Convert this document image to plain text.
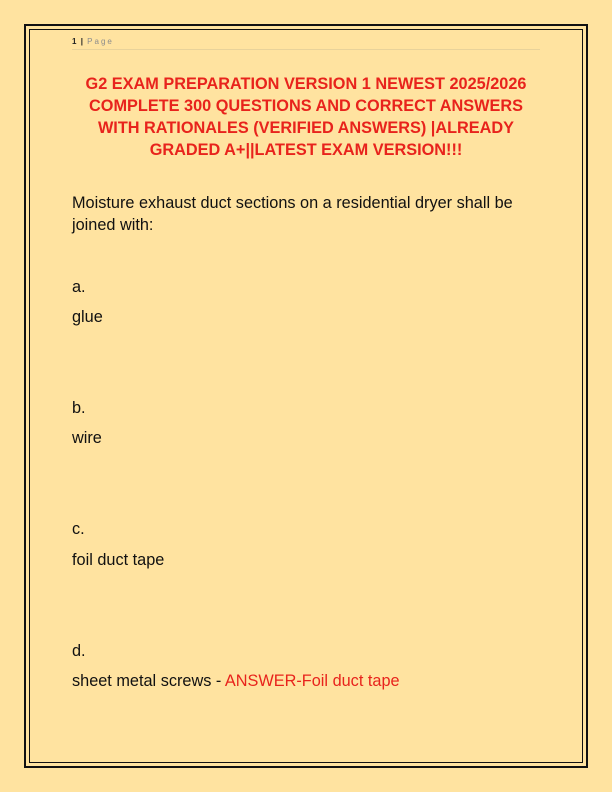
1 | Page
G2 EXAM PREPARATION VERSION 1 NEWEST 2025/2026 COMPLETE 300 QUESTIONS AND CORRECT ANSWERS WITH RATIONALES (VERIFIED ANSWERS) |ALREADY GRADED A+||LATEST EXAM VERSION!!!

Moisture exhaust duct sections on a residential dryer shall be joined with:

a.
glue
b.
wire
c.
foil duct tape
d.
sheet metal screws - ANSWER-Foil duct tape
